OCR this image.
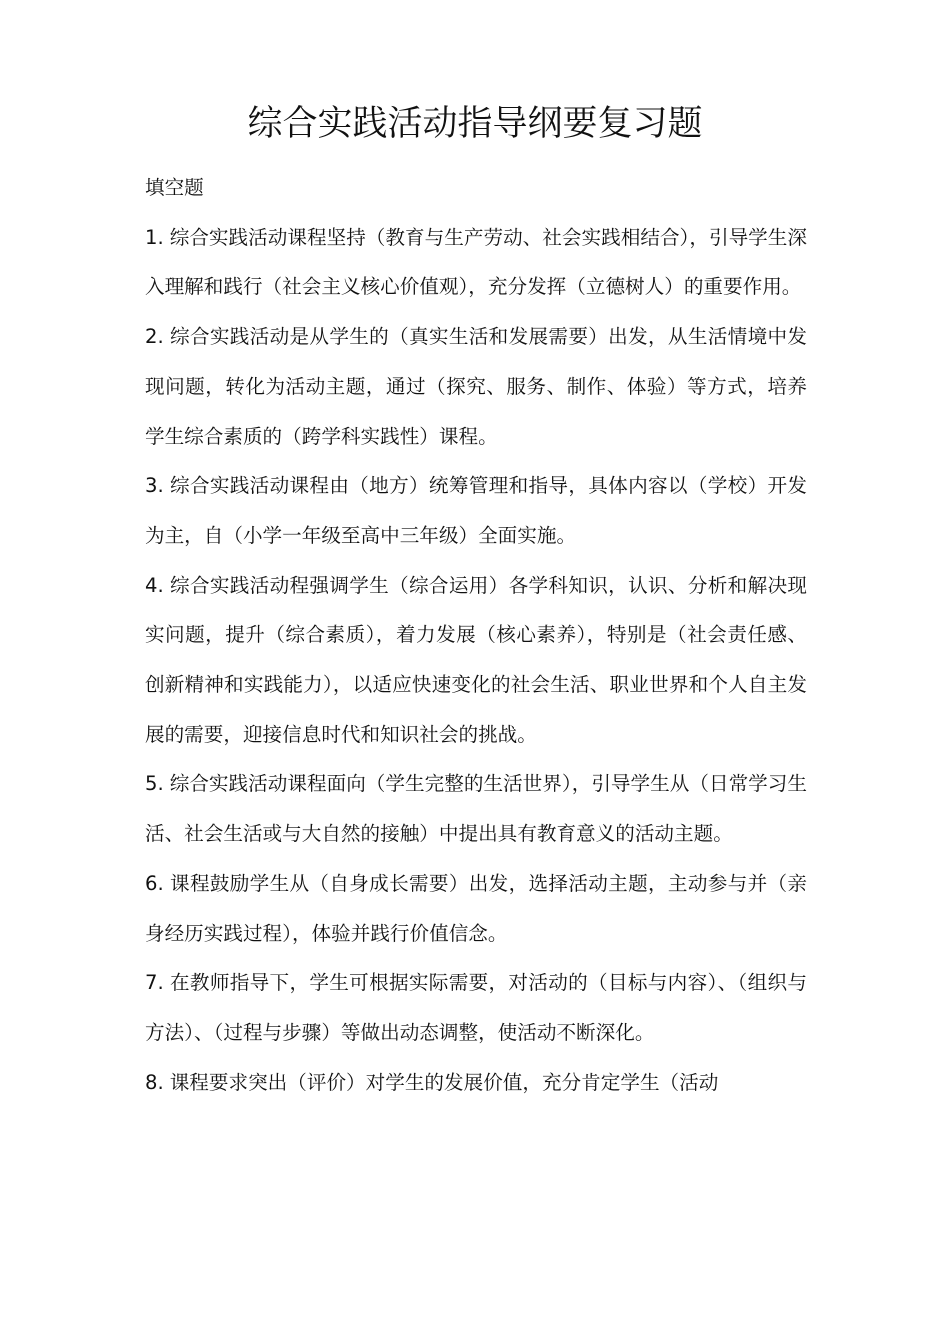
综合实践活动指导纲要复习题

填空题

1. 综合实践活动课程坚持（教育与生产劳动、社会实践相结合），引导学生深入理解和践行（社会主义核心价值观），充分发挥（立德树人）的重要作用。

2. 综合实践活动是从学生的（真实生活和发展需要）出发，从生活情境中发现问题，转化为活动主题，通过（探究、服务、制作、体验）等方式，培养学生综合素质的（跨学科实践性）课程。

3. 综合实践活动课程由（地方）统筹管理和指导，具体内容以（学校）开发为主，自（小学一年级至高中三年级）全面实施。

4. 综合实践活动程强调学生（综合运用）各学科知识，认识、分析和解决现实问题，提升（综合素质），着力发展（核心素养），特别是（社会责任感、创新精神和实践能力），以适应快速变化的社会生活、职业世界和个人自主发展的需要，迎接信息时代和知识社会的挑战。

5. 综合实践活动课程面向（学生完整的生活世界），引导学生从（日常学习生活、社会生活或与大自然的接触）中提出具有教育意义的活动主题。

6. 课程鼓励学生从（自身成长需要）出发，选择活动主题，主动参与并（亲身经历实践过程），体验并践行价值信念。

7. 在教师指导下，学生可根据实际需要，对活动的（目标与内容）、（组织与方法）、（过程与步骤）等做出动态调整，使活动不断深化。

8. 课程要求突出（评价）对学生的发展价值，充分肯定学生（活动
